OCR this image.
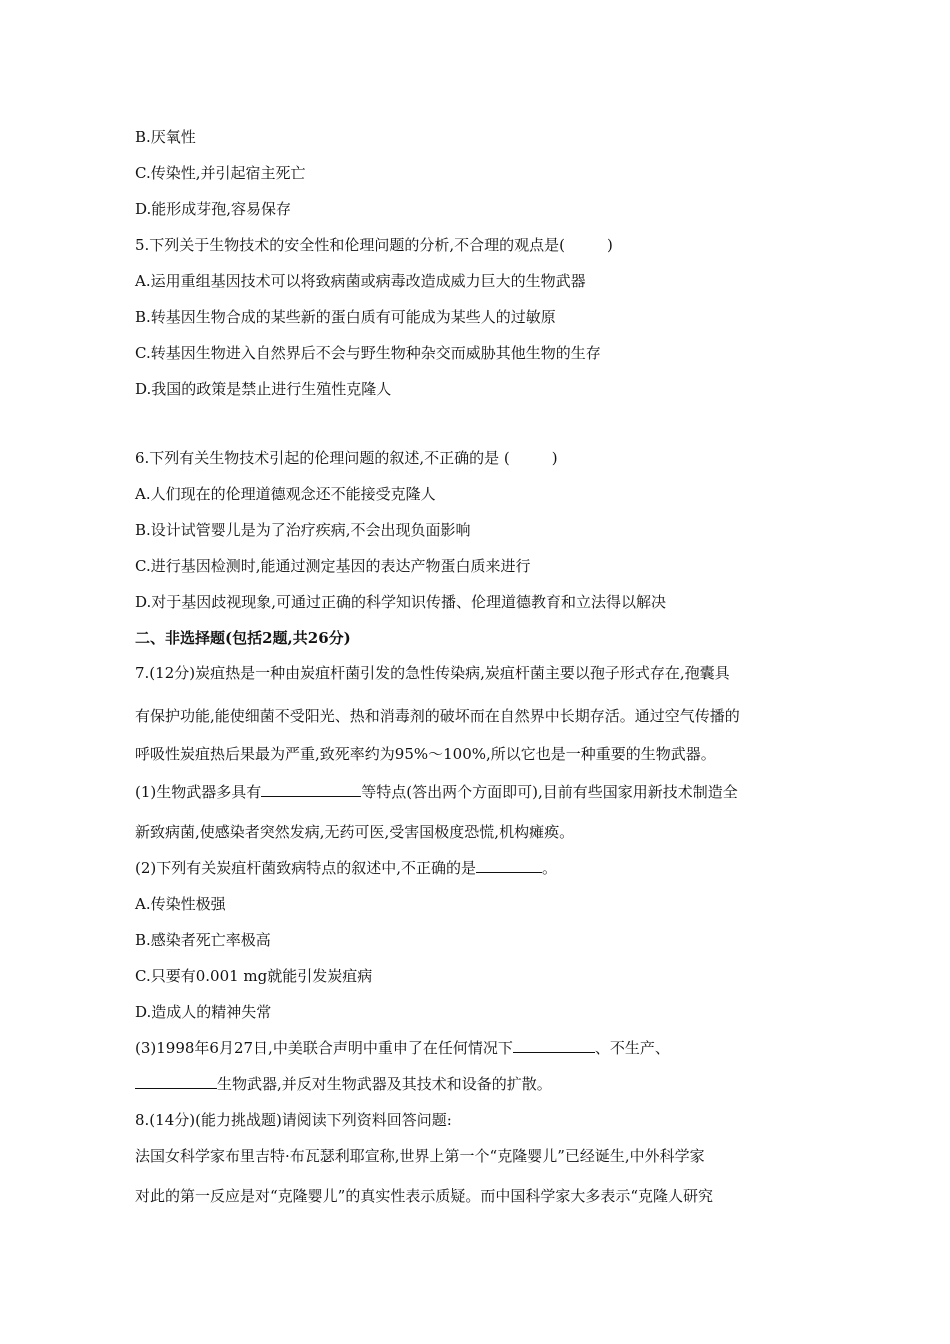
B.厌氧性
C.传染性,并引起宿主死亡
D.能形成芽孢,容易保存
5.下列关于生物技术的安全性和伦理问题的分析,不合理的观点是(	)
A.运用重组基因技术可以将致病菌或病毒改造成威力巨大的生物武器
B.转基因生物合成的某些新的蛋白质有可能成为某些人的过敏原
C.转基因生物进入自然界后不会与野生物种杂交而威胁其他生物的生存
D.我国的政策是禁止进行生殖性克隆人
6.下列有关生物技术引起的伦理问题的叙述,不正确的是 (	)
A.人们现在的伦理道德观念还不能接受克隆人
B.设计试管婴儿是为了治疗疾病,不会出现负面影响
C.进行基因检测时,能通过测定基因的表达产物蛋白质来进行
D.对于基因歧视现象,可通过正确的科学知识传播、伦理道德教育和立法得以解决
二、非选择题(包括2题,共26分)
7.(12分)炭疽热是一种由炭疽杆菌引发的急性传染病,炭疽杆菌主要以孢子形式存在,孢囊具
有保护功能,能使细菌不受阳光、热和消毒剂的破坏而在自然界中长期存活。通过空气传播的
呼吸性炭疽热后果最为严重,致死率约为95%～100%,所以它也是一种重要的生物武器。
(1)生物武器多具有	等特点(答出两个方面即可),目前有些国家用新技术制造全
新致病菌,使感染者突然发病,无药可医,受害国极度恐慌,机构瘫痪。
(2)下列有关炭疽杆菌致病特点的叙述中,不正确的是	。
A.传染性极强
B.感染者死亡率极高
C.只要有0.001 mg就能引发炭疽病
D.造成人的精神失常
(3)1998年6月27日,中美联合声明中重申了在任何情况下	、不生产、
生物武器,并反对生物武器及其技术和设备的扩散。
8.(14分)(能力挑战题)请阅读下列资料回答问题:
法国女科学家布里吉特·布瓦瑟利耶宣称,世界上第一个“克隆婴儿”已经诞生,中外科学家
对此的第一反应是对“克隆婴儿”的真实性表示质疑。而中国科学家大多表示“克隆人研究
